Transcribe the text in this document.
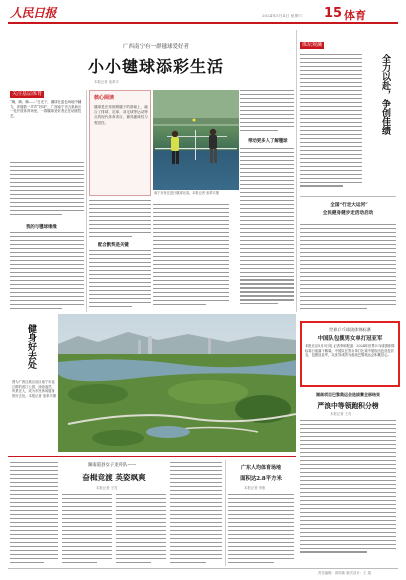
人民日报	2024年5月4日 星期六 15 体育
广西南宁有一群毽球爱好者
小小毽球添彩生活
本报记者 庞革平
关注基层体育
“嗨，嗨，嗨——”日光下，毽球在蓝色场地中翻飞，伴随着一声声“好球”，广西南宁市五象新区一处开放体育场里，一群毽球爱好者正在切磋技艺。
我的与毽球缘缘
核心阅读
毽球是在传统踢毽子的基础上，融合了排球、足球、羽毛球等运动特点的现代体育项目，兼具趣味性与观赏性。
南宁市民在进行毽球比赛。本报记者 庞革平摄
配合默契是关键
带动更多人了解毽球
体坛观澜
全力以赴，争创佳绩
全国“行走大运河”
全民健身健步走活动启动
世界乒乓球团体锦标赛
中国队包揽男女单打冠亚军
本报北京5月3日电 记者李硕报道：2024年世界乒乓球团体锦标赛日前落下帷幕，中国队在男女单打比赛中展现出色竞技状态，包揽冠亚军，以优异成绩为备战巴黎奥运会积累信心。
湖南项目巴黎奥运会选拔赛全部结束
严浪中等领跑积分榜
本报记者 王亮
健身好去处
图为广西壮族自治区南宁市邕江畔的滨江公园，绿意盎然、风景宜人，成为市民休闲健身的好去处。本报记者 庞革平摄
湖南道县女子龙舟队——
奋楫竞渡 英姿飒爽
本报记者 王亮
广东人均体育场地
面积达2.8平方米
本报记者 李刚
责任编辑：薛原新 版式设计：王 超
